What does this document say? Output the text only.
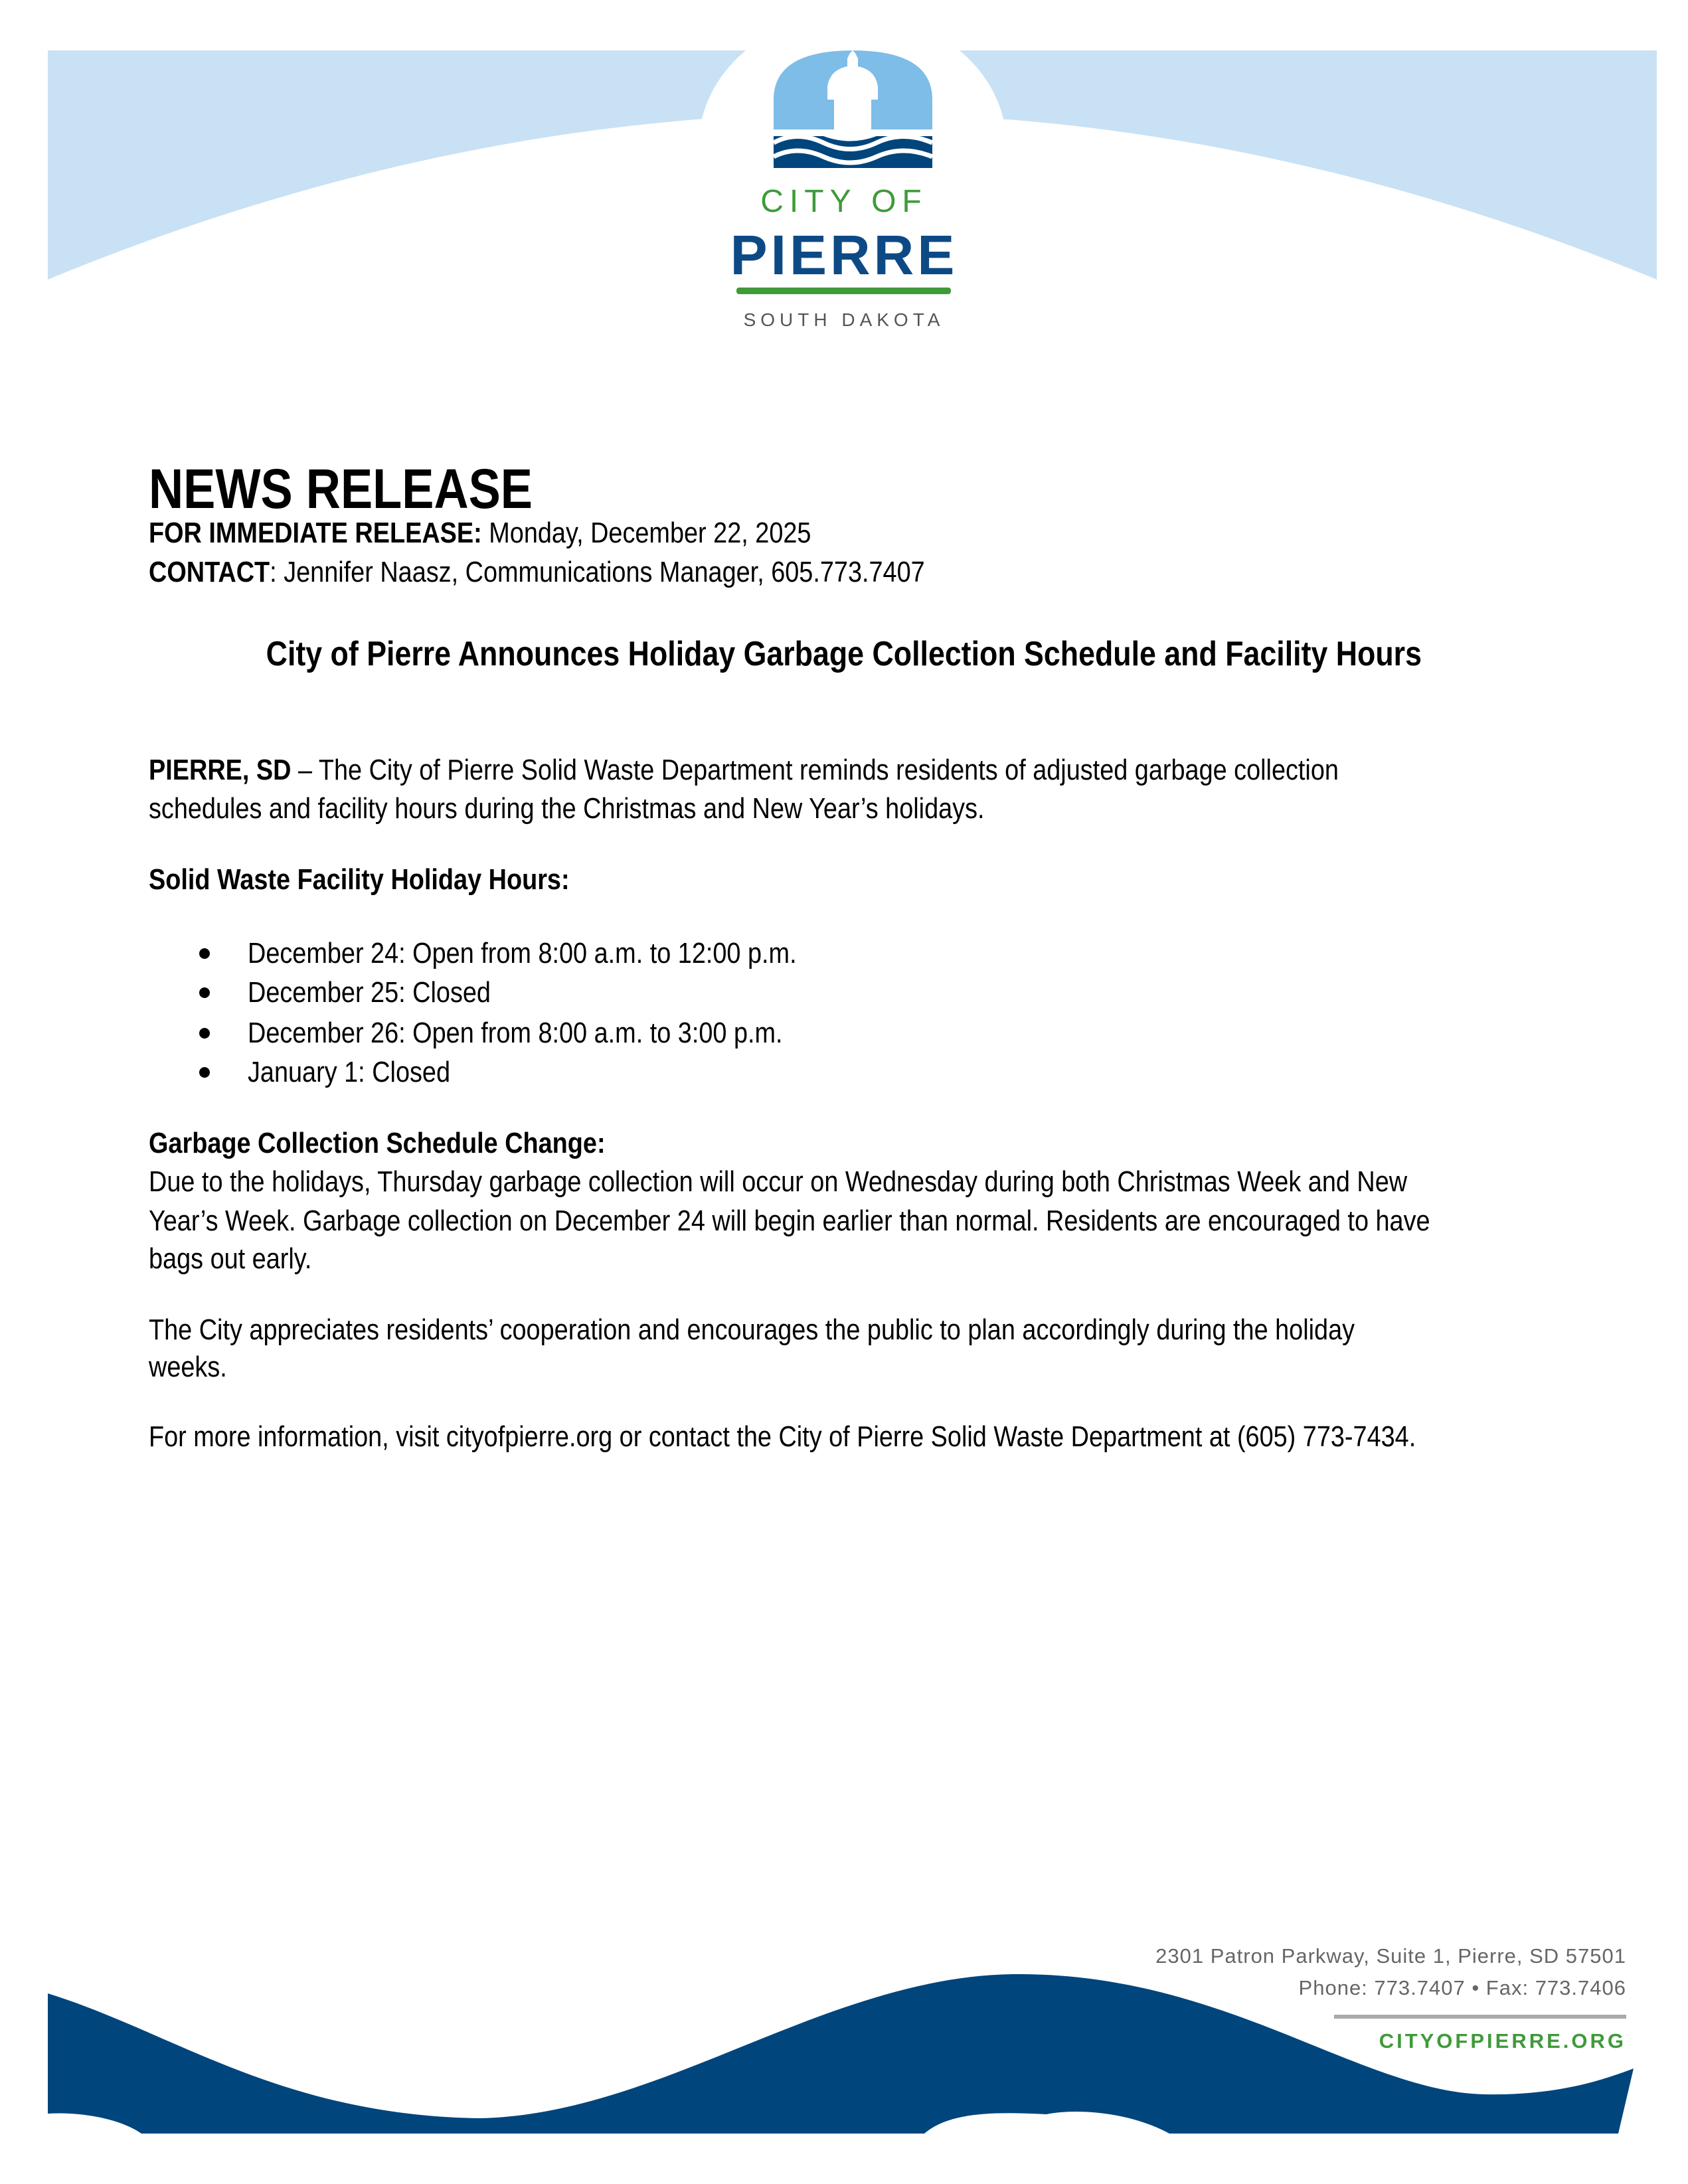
CITY OF
PIERRE
SOUTH DAKOTA
NEWS RELEASE
FOR IMMEDIATE RELEASE: Monday, December 22, 2025
CONTACT: Jennifer Naasz, Communications Manager, 605.773.7407
City of Pierre Announces Holiday Garbage Collection Schedule and Facility Hours
PIERRE, SD – The City of Pierre Solid Waste Department reminds residents of adjusted garbage collection
schedules and facility hours during the Christmas and New Year’s holidays.
Solid Waste Facility Holiday Hours:
December 24: Open from 8:00 a.m. to 12:00 p.m.
December 25: Closed
December 26: Open from 8:00 a.m. to 3:00 p.m.
January 1: Closed
Garbage Collection Schedule Change:
Due to the holidays, Thursday garbage collection will occur on Wednesday during both Christmas Week and New
Year’s Week. Garbage collection on December 24 will begin earlier than normal. Residents are encouraged to have
bags out early.
The City appreciates residents’ cooperation and encourages the public to plan accordingly during the holiday
weeks.
For more information, visit cityofpierre.org or contact the City of Pierre Solid Waste Department at (605) 773-7434.
2301 Patron Parkway, Suite 1, Pierre, SD 57501
Phone: 773.7407 • Fax: 773.7406
CITYOFPIERRE.ORG
